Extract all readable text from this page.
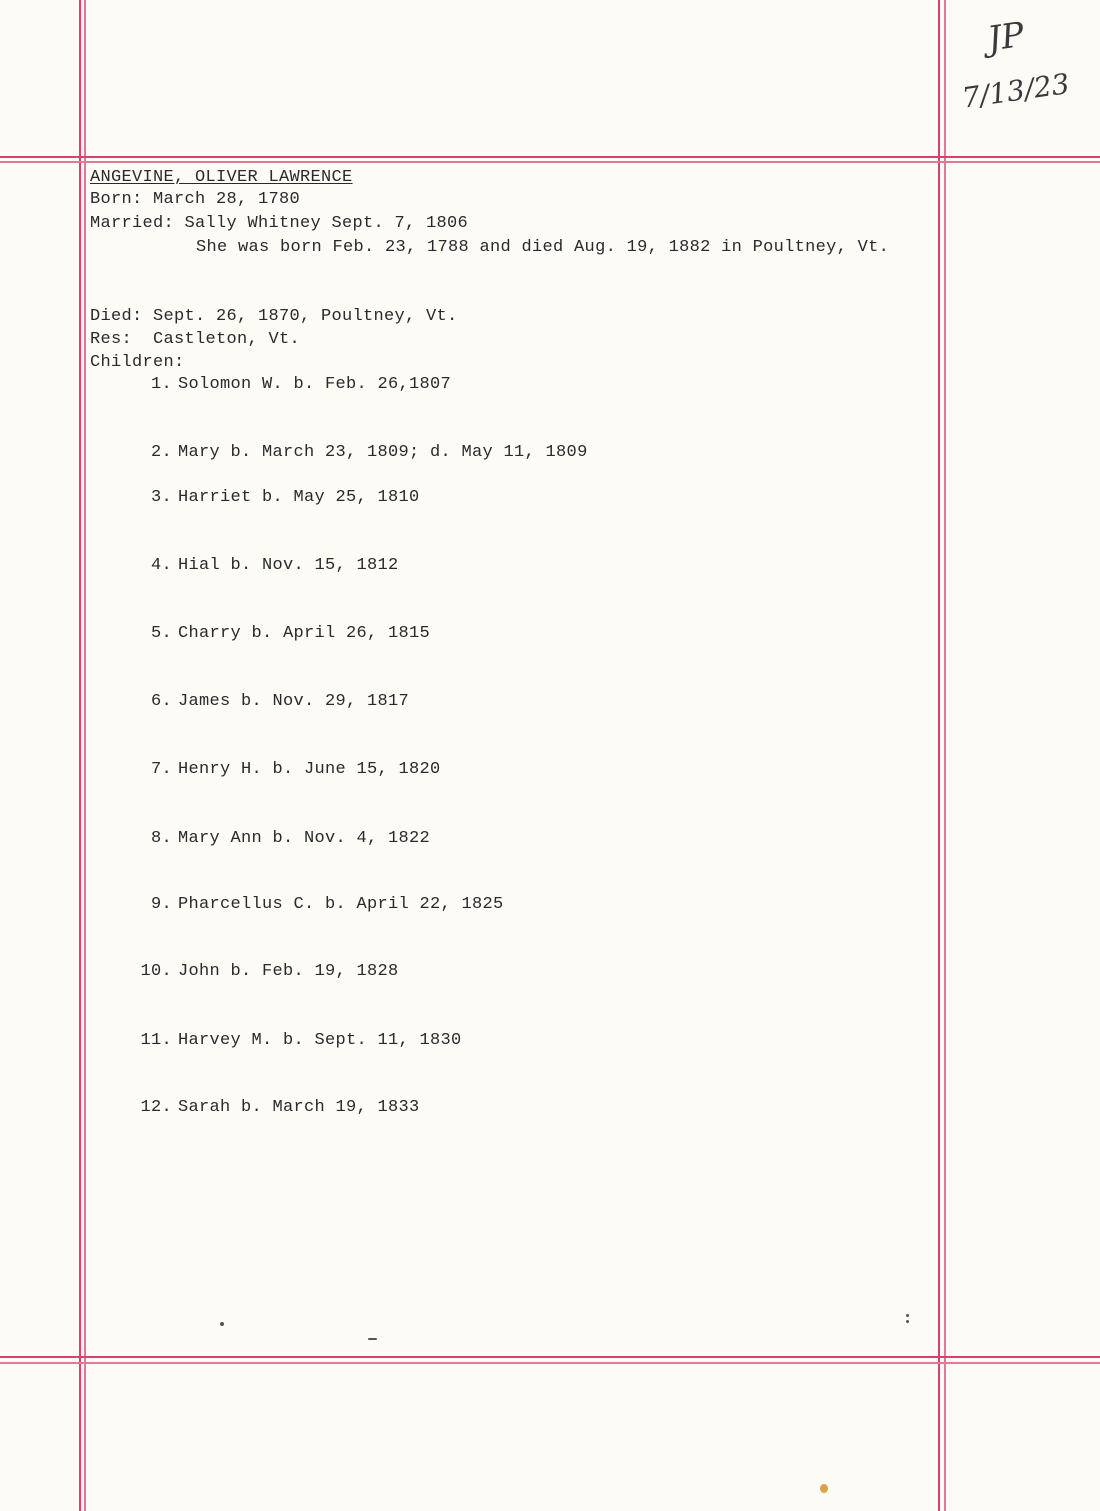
JP
7/13/23
ANGEVINE, OLIVER LAWRENCE
Born: March 28, 1780
Married: Sally Whitney Sept. 7, 1806
She was born Feb. 23, 1788 and died Aug. 19, 1882 in Poultney, Vt.
Died: Sept. 26, 1870, Poultney, Vt.
Res:  Castleton, Vt.
Children:
1. Solomon W. b. Feb. 26,1807
2. Mary b. March 23, 1809; d. May 11, 1809
3. Harriet b. May 25, 1810
4. Hial b. Nov. 15, 1812
5. Charry b. April 26, 1815
6. James b. Nov. 29, 1817
7. Henry H. b. June 15, 1820
8. Mary Ann b. Nov. 4, 1822
9. Pharcellus C. b. April 22, 1825
10. John b. Feb. 19, 1828
11. Harvey M. b. Sept. 11, 1830
12. Sarah b. March 19, 1833
